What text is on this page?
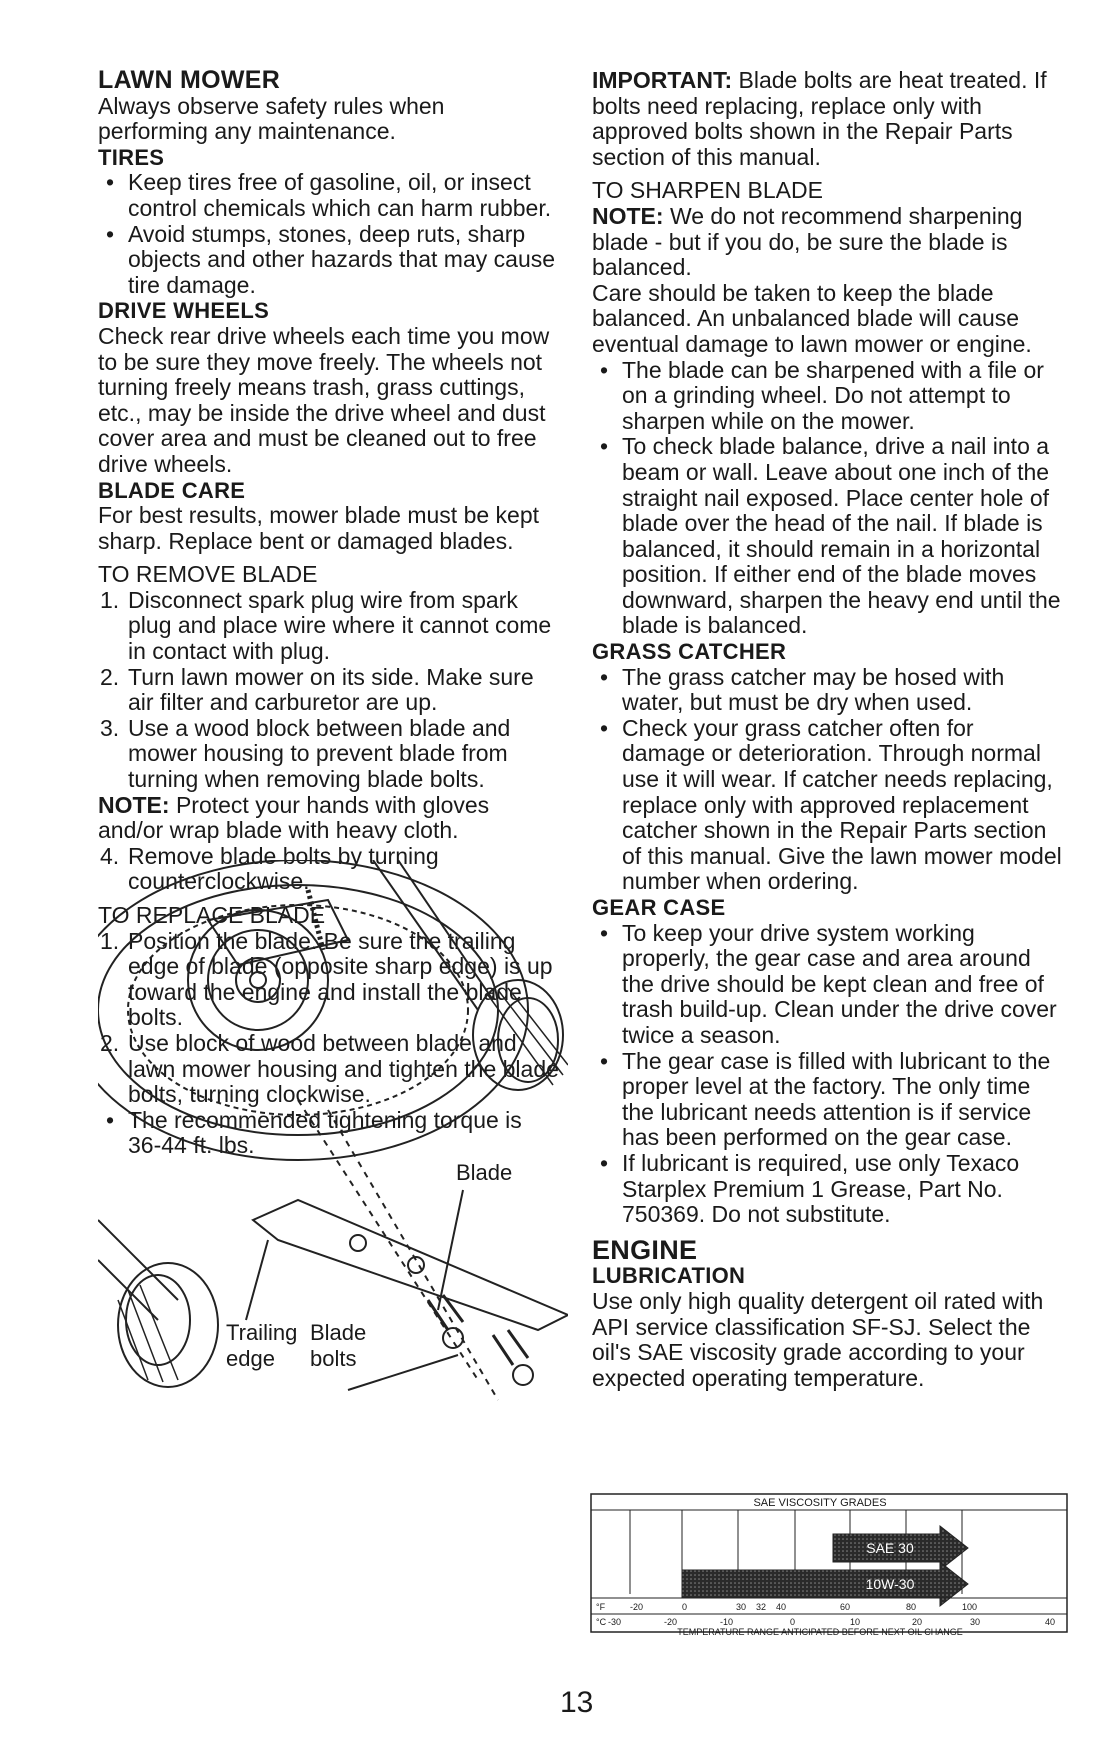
LAWN MOWER

Always observe safety rules when performing any maintenance.

TIRES

• Keep tires free of gasoline, oil, or insect control chemicals which can harm rubber.
• Avoid stumps, stones, deep ruts, sharp objects and other hazards that may cause tire damage.

DRIVE WHEELS

Check rear drive wheels each time you mow to be sure they move freely. The wheels not turning freely means trash, grass cuttings, etc., may be inside the drive wheel and dust cover area and must be cleaned out to free drive wheels.

BLADE CARE

For best results, mower blade must be kept sharp. Replace bent or damaged blades.

TO REMOVE BLADE

1. Disconnect spark plug wire from spark plug and place wire where it cannot come in contact with plug.
2. Turn lawn mower on its side. Make sure air filter and carburetor are up.
3. Use a wood block between blade and mower housing to prevent blade from turning when removing blade bolts.

NOTE: Protect your hands with gloves and/or wrap blade with heavy cloth.

4. Remove blade bolts by turning counterclockwise.

TO REPLACE BLADE

1. Position the blade. Be sure the trailing edge of blade (opposite sharp edge) is up toward the engine and install the blade bolts.
2. Use block of wood between blade and lawn mower housing and tighten the blade bolts, turning clockwise.
• The recommended tightening torque is 36-44 ft. lbs.
Blade
Trailing
edge
Blade
bolts

IMPORTANT: Blade bolts are heat treated. If bolts need replacing, replace only with approved bolts shown in the Repair Parts section of this manual.

TO SHARPEN BLADE

NOTE: We do not recommend sharpening blade - but if you do, be sure the blade is balanced.

Care should be taken to keep the blade balanced. An unbalanced blade will cause eventual damage to lawn mower or engine.

• The blade can be sharpened with a file or on a grinding wheel. Do not attempt to sharpen while on the mower.
• To check blade balance, drive a nail into a beam or wall. Leave about one inch of the straight nail exposed. Place center hole of blade over the head of the nail. If blade is balanced, it should remain in a horizontal position. If either end of the blade moves downward, sharpen the heavy end until the blade is balanced.

GRASS CATCHER

• The grass catcher may be hosed with water, but must be dry when used.
• Check your grass catcher often for damage or deterioration. Through normal use it will wear. If catcher needs replacing, replace only with approved replacement catcher shown in the Repair Parts section of this manual. Give the lawn mower model number when ordering.

GEAR CASE

• To keep your drive system working properly, the gear case and area around the drive should be kept clean and free of trash build-up. Clean under the drive cover twice a season.
• The gear case is filled with lubricant to the proper level at the factory. The only time the lubricant needs attention is if service has been performed on the gear case.
• If lubricant is required, use only Texaco Starplex Premium 1 Grease, Part No. 750369. Do not substitute.

ENGINE

LUBRICATION

Use only high quality detergent oil rated with API service classification SF-SJ. Select the oil's SAE viscosity grade according to your expected operating temperature.

SAE VISCOSITY GRADES
SAE 30
10W-30
°F	-20	0	30 32 40	60	80	100
°C -30	-20	-10	0	10	20	30	40
TEMPERATURE RANGE ANTICIPATED BEFORE NEXT OIL CHANGE
13
